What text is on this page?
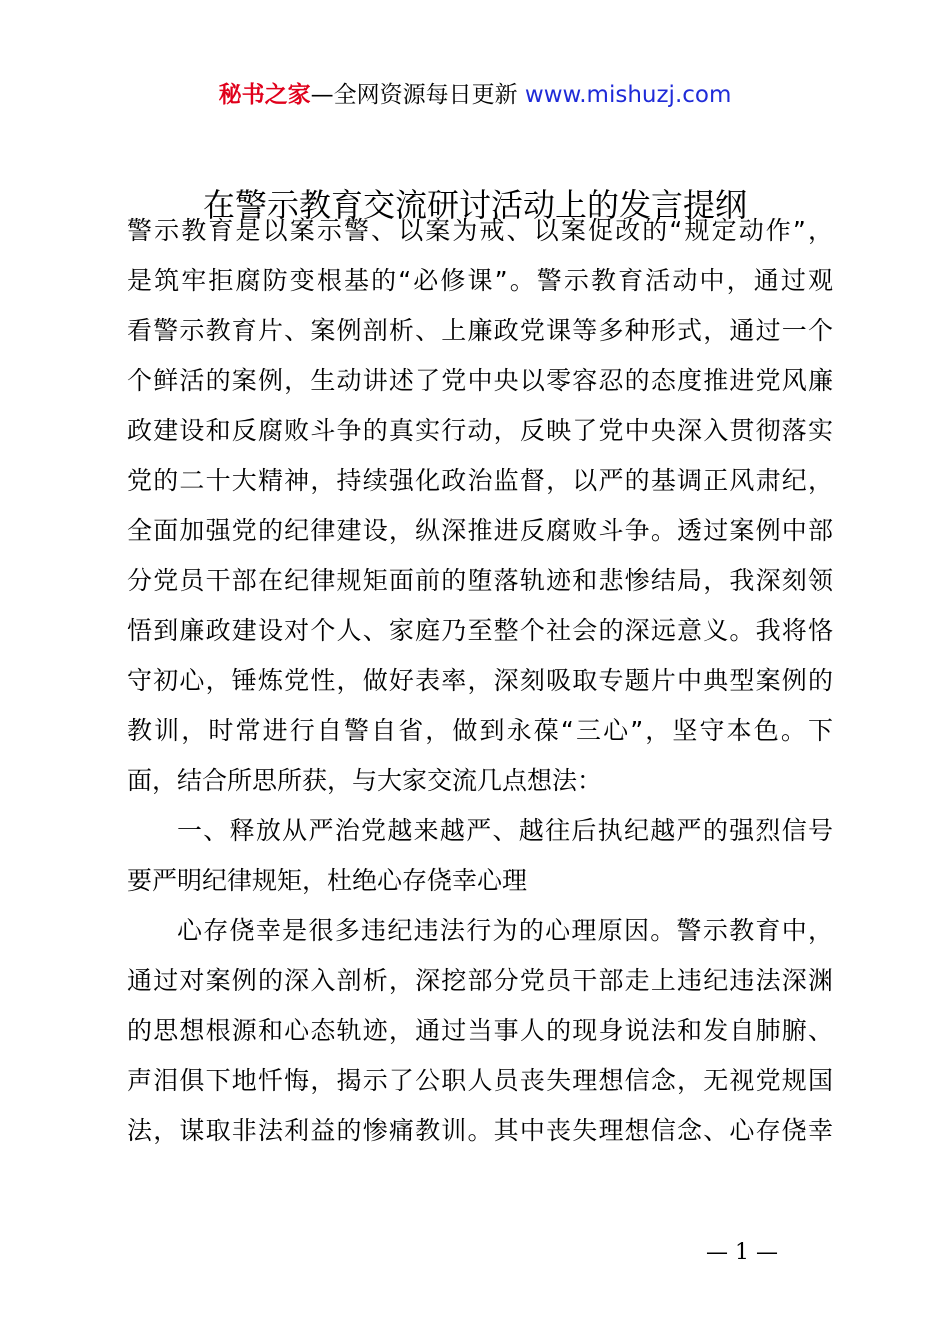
秘书之家—全网资源每日更新 www.mishuzj.com
在警示教育交流研讨活动上的发言提纲
警示教育是以案示警、以案为戒、以案促改的“规定动作”，
是筑牢拒腐防变根基的“必修课”。警示教育活动中，通过观
看警示教育片、案例剖析、上廉政党课等多种形式，通过一个
个鲜活的案例，生动讲述了党中央以零容忍的态度推进党风廉
政建设和反腐败斗争的真实行动，反映了党中央深入贯彻落实
党的二十大精神，持续强化政治监督，以严的基调正风肃纪，
全面加强党的纪律建设，纵深推进反腐败斗争。透过案例中部
分党员干部在纪律规矩面前的堕落轨迹和悲惨结局，我深刻领
悟到廉政建设对个人、家庭乃至整个社会的深远意义。我将恪
守初心，锤炼党性，做好表率，深刻吸取专题片中典型案例的
教训，时常进行自警自省，做到永葆“三心”，坚守本色。下
面，结合所思所获，与大家交流几点想法：
一、释放从严治党越来越严、越往后执纪越严的强烈信号
要严明纪律规矩，杜绝心存侥幸心理
心存侥幸是很多违纪违法行为的心理原因。警示教育中，
通过对案例的深入剖析，深挖部分党员干部走上违纪违法深渊
的思想根源和心态轨迹，通过当事人的现身说法和发自肺腑、
声泪俱下地忏悔，揭示了公职人员丧失理想信念，无视党规国
法，谋取非法利益的惨痛教训。其中丧失理想信念、心存侥幸
— 1 —
